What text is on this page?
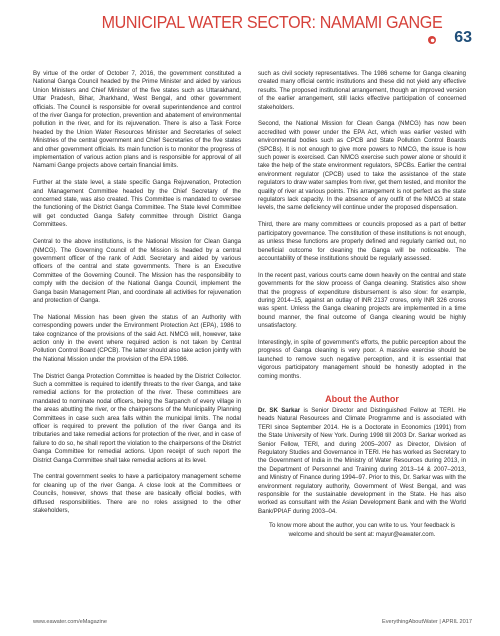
MUNICIPAL WATER SECTOR: NAMAMI GANGE
63

By virtue of the order of October 7, 2016, the government constituted a National Ganga Council headed by the Prime Minister and aided by various Union Ministers and Chief Minister of the five states such as Uttarakhand, Uttar Pradesh, Bihar, Jharkhand, West Bengal, and other government officials. The Council is responsible for overall superintendence and control of the river Ganga for protection, prevention and abatement of environmental pollution in the river, and for its rejuvenation. There is also a Task Force headed by the Union Water Resources Minister and Secretaries of select Ministries of the central government and Chief Secretaries of the five states and other government officials. Its main function is to monitor the progress of implementation of various action plans and is responsible for approval of all Namami Gange projects above certain financial limits.

Further at the state level, a state specific Ganga Rejuvenation, Protection and Management Committee headed by the Chief Secretary of the concerned state, was also created. This Committee is mandated to oversee the functioning of the District Ganga Committee. The State level Committee will get conducted Ganga Safety committee through District Ganga Committees.

Central to the above institutions, is the National Mission for Clean Ganga (NMCG). The Governing Council of the Mission is headed by a central government officer of the rank of Addl. Secretary and aided by various officers of the central and state governments. There is an Executive Committee of the Governing Council. The Mission has the responsibility to comply with the decision of the National Ganga Council, implement the Ganga basin Management Plan, and coordinate all activities for rejuvenation and protection of Ganga.

The National Mission has been given the status of an Authority with corresponding powers under the Environment Protection Act (EPA), 1986 to take cognizance of the provisions of the said Act. NMCG will, however, take action only in the event where required action is not taken by Central Pollution Control Board (CPCB). The latter should also take action jointly with the National Mission under the provision of the EPA 1986.

The District Ganga Protection Committee is headed by the District Collector. Such a committee is required to identify threats to the river Ganga, and take remedial actions for the protection of the river. These committees are mandated to nominate nodal officers, being the Sarpanch of every village in the areas abutting the river, or the chairpersons of the Municipality Planning Committees in case such area falls within the municipal limits. The nodal officer is required to prevent the pollution of the river Ganga and its tributaries and take remedial actions for protection of the river, and in case of failure to do so, he shall report the violation to the chairpersons of the District Ganga Committee for remedial actions. Upon receipt of such report the District Ganga Committee shall take remedial actions at its level.

The central government seeks to have a participatory management scheme for cleaning up of the river Ganga. A close look at the Committees or Councils, however, shows that these are basically official bodies, with diffused responsibilities. There are no roles assigned to the other stakeholders,

such as civil society representatives. The 1986 scheme for Ganga cleaning created many official centric institutions and these did not yield any effective results. The proposed institutional arrangement, though an improved version of the earlier arrangement, still lacks effective participation of concerned stakeholders.

Second, the National Mission for Clean Ganga (NMCG) has now been accredited with power under the EPA Act, which was earlier vested with environmental bodies such as CPCB and State Pollution Control Boards (SPCBs). It is not enough to give more powers to NMCG, the issue is how such power is exercised. Can NMCG exercise such power alone or should it take the help of the state environment regulators, SPCBs. Earlier the central environment regulator (CPCB) used to take the assistance of the state regulators to draw water samples from river, get them tested, and monitor the quality of river at various points. This arrangement is not perfect as the state regulators lack capacity. In the absence of any outfit of the NMCG at state levels, the same deficiency will continue under the proposed dispensation.

Third, there are many committees or councils proposed as a part of better participatory governance. The constitution of these institutions is not enough, as unless these functions are properly defined and regularly carried out, no beneficial outcome for cleaning the Ganga will be noticeable. The accountability of these institutions should be regularly assessed.

In the recent past, various courts came down heavily on the central and state governments for the slow process of Ganga cleaning. Statistics also show that the progress of expenditure disbursement is also slow: for example, during 2014–15, against an outlay of INR 2137 crores, only INR 326 crores was spent. Unless the Ganga cleaning projects are implemented in a time bound manner, the final outcome of Ganga cleaning would be highly unsatisfactory.

Interestingly, in spite of government's efforts, the public perception about the progress of Ganga cleaning is very poor. A massive exercise should be launched to remove such negative perception, and it is essential that vigorous participatory management should be honestly adopted in the coming months.

About the Author

Dr. SK Sarkar is Senior Director and Distinguished Fellow at TERI. He heads Natural Resources and Climate Programme and is associated with TERI since September 2014. He is a Doctorate in Economics (1991) from the State University of New York. During 1998 till 2003 Dr. Sarkar worked as Senior Fellow, TERI, and during 2005–2007 as Director, Division of Regulatory Studies and Governance in TERI. He has worked as Secretary to the Government of India in the Ministry of Water Resources during 2013, in the Department of Personnel and Training during 2013–14 & 2007–2013, and Ministry of Finance during 1994–97. Prior to this, Dr. Sarkar was with the environment regulatory authority, Government of West Bengal, and was responsible for the sustainable development in the State. He has also worked as consultant with the Asian Development Bank and with the World Bank/PPIAF during 2003–04.

To know more about the author, you can write to us. Your feedback is welcome and should be sent at: mayur@eawater.com.

www.eawater.com/eMagazine	EverythingAboutWater | APRIL 2017
